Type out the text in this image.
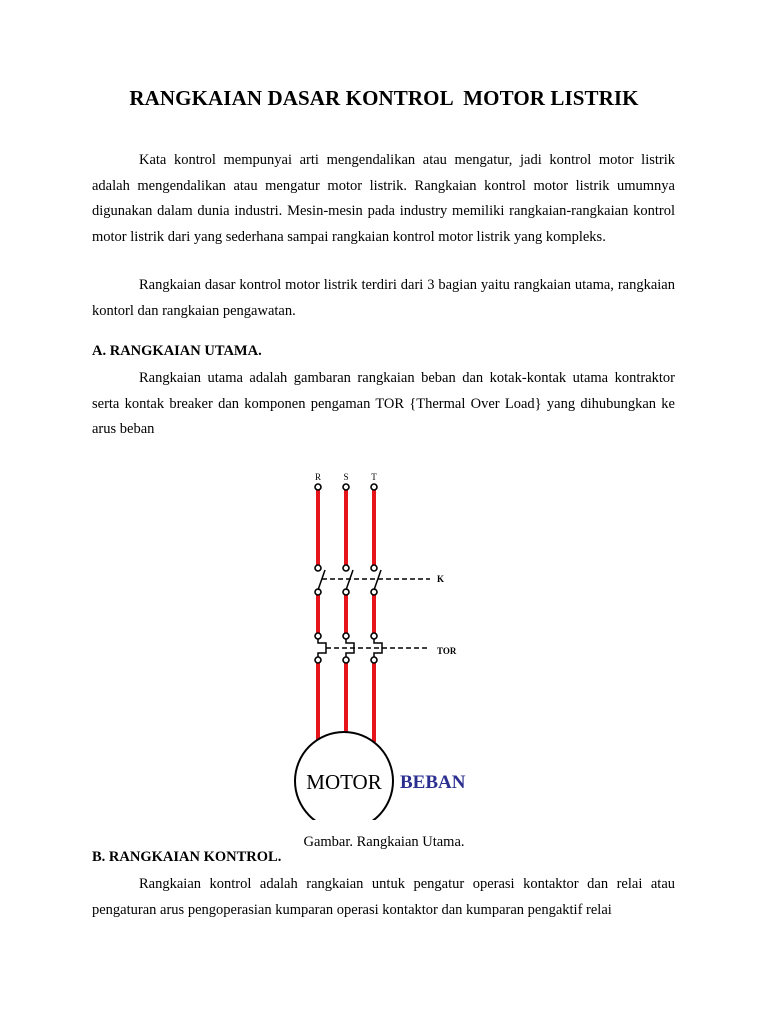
RANGKAIAN DASAR KONTROL  MOTOR LISTRIK

Kata kontrol mempunyai arti mengendalikan atau mengatur, jadi kontrol motor listrik adalah mengendalikan atau mengatur motor listrik. Rangkaian kontrol motor listrik umumnya digunakan dalam dunia industri. Mesin-mesin pada industry memiliki rangkaian-rangkaian kontrol motor listrik dari yang sederhana sampai rangkaian kontrol motor listrik yang kompleks.

Rangkaian dasar kontrol motor listrik terdiri dari 3 bagian yaitu rangkaian utama, rangkaian kontorl dan rangkaian pengawatan.

A. RANGKAIAN UTAMA.

Rangkaian utama adalah gambaran rangkaian beban dan kotak-kontak utama kontraktor serta kontak breaker dan komponen pengaman TOR {Thermal Over Load} yang dihubungkan ke arus beban

R S	T
K
TOR
MOTOR BEBAN
Gambar. Rangkaian Utama.
B. RANGKAIAN KONTROL.

Rangkaian kontrol adalah rangkaian untuk pengatur operasi kontaktor dan relai atau pengaturan arus pengoperasian kumparan operasi kontaktor dan kumparan pengaktif relai
